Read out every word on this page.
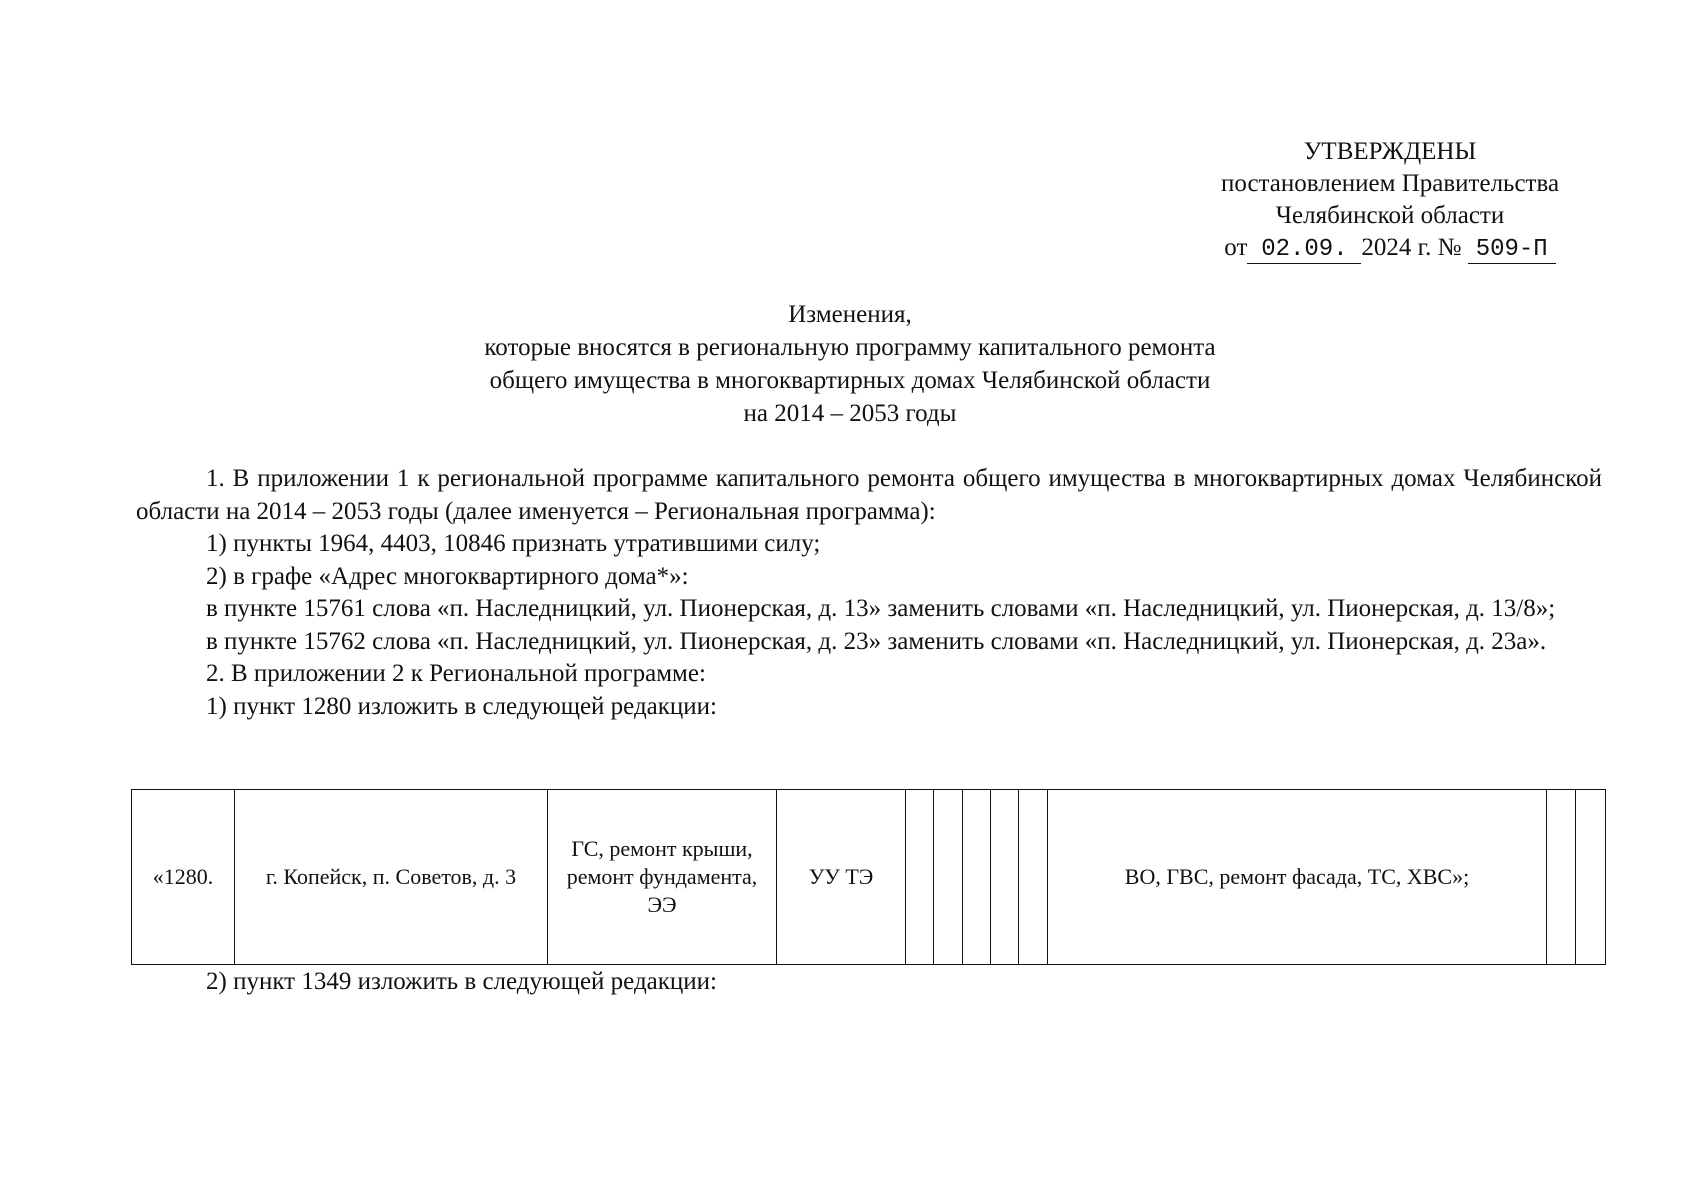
УТВЕРЖДЕНЫ
постановлением Правительства
Челябинской области
от 02.09. 2024 г. № 509-П
Изменения,
которые вносятся в региональную программу капитального ремонта
общего имущества в многоквартирных домах Челябинской области
на 2014 – 2053 годы

1. В приложении 1 к региональной программе капитального ремонта общего имущества в многоквартирных домах Челябинской области на 2014 – 2053 годы (далее именуется – Региональная программа):

1) пункты 1964, 4403, 10846 признать утратившими силу;

2) в графе «Адрес многоквартирного дома*»:

в пункте 15761 слова «п. Наследницкий, ул. Пионерская, д. 13» заменить словами «п. Наследницкий, ул. Пионерская, д. 13/8»;

в пункте 15762 слова «п. Наследницкий, ул. Пионерская, д. 23» заменить словами «п. Наследницкий, ул. Пионерская, д. 23а».

2. В приложении 2 к Региональной программе:

1) пункт 1280 изложить в следующей редакции:

«1280.	г. Копейск, п. Советов, д. 3	ГС, ремонт крыши, ремонт фундамента, ЭЭ	УУ ТЭ						ВО, ГВС, ремонт фасада, ТС, ХВС»;		
2) пункт 1349 изложить в следующей редакции:
